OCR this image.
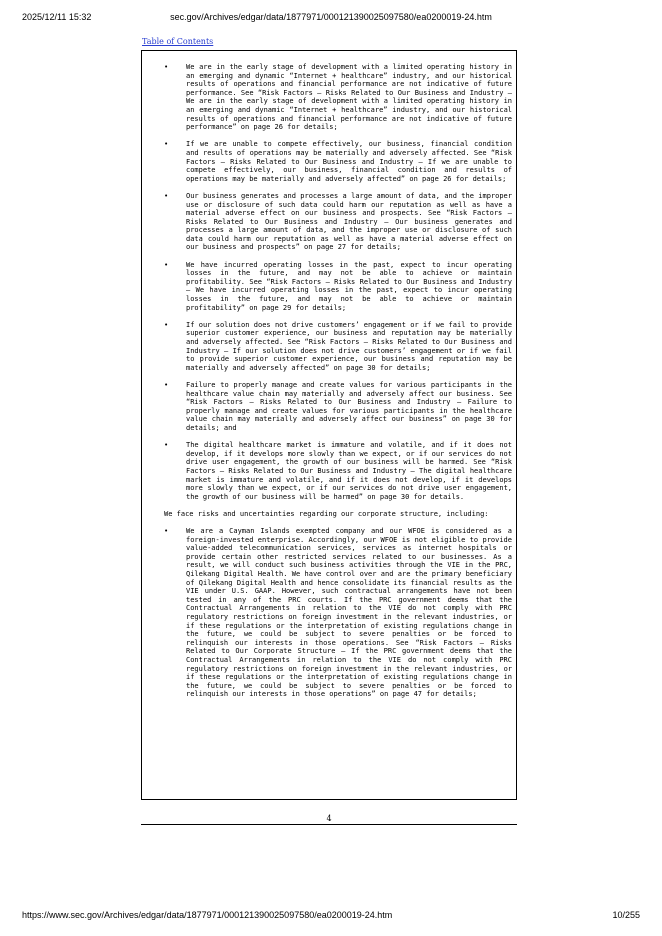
2025/12/11 15:32	sec.gov/Archives/edgar/data/1877971/000121390025097580/ea0200019-24.htm
Table of Contents
•	We are in the early stage of development with a limited operating history in an emerging and dynamic “Internet + healthcare” industry, and our historical results of operations and financial performance are not indicative of future performance. See “Risk Factors — Risks Related to Our Business and Industry — We are in the early stage of development with a limited operating history in an emerging and dynamic “Internet + healthcare” industry, and our historical results of operations and financial performance are not indicative of future performance” on page 26 for details;
•	If we are unable to compete effectively, our business, financial condition and results of operations may be materially and adversely affected. See “Risk Factors — Risks Related to Our Business and Industry — If we are unable to compete effectively, our business, financial condition and results of operations may be materially and adversely affected” on page 26 for details;
•	Our business generates and processes a large amount of data, and the improper use or disclosure of such data could harm our reputation as well as have a material adverse effect on our business and prospects. See “Risk Factors — Risks Related to Our Business and Industry — Our business generates and processes a large amount of data, and the improper use or disclosure of such data could harm our reputation as well as have a material adverse effect on our business and prospects” on page 27 for details;
•	We have incurred operating losses in the past, expect to incur operating losses in the future, and may not be able to achieve or maintain profitability. See “Risk Factors — Risks Related to Our Business and Industry — We have incurred operating losses in the past, expect to incur operating losses in the future, and may not be able to achieve or maintain profitability” on page 29 for details;
•	If our solution does not drive customers’ engagement or if we fail to provide superior customer experience, our business and reputation may be materially and adversely affected. See “Risk Factors — Risks Related to Our Business and Industry — If our solution does not drive customers’ engagement or if we fail to provide superior customer experience, our business and reputation may be materially and adversely affected” on page 30 for details;
•	Failure to properly manage and create values for various participants in the healthcare value chain may materially and adversely affect our business. See “Risk Factors — Risks Related to Our Business and Industry — Failure to properly manage and create values for various participants in the healthcare value chain may materially and adversely affect our business” on page 30 for details; and
•	The digital healthcare market is immature and volatile, and if it does not develop, if it develops more slowly than we expect, or if our services do not drive user engagement, the growth of our business will be harmed. See “Risk Factors — Risks Related to Our Business and Industry — The digital healthcare market is immature and volatile, and if it does not develop, if it develops more slowly than we expect, or if our services do not drive user engagement, the growth of our business will be harmed” on page 30 for details.

We face risks and uncertainties regarding our corporate structure, including:

•	We are a Cayman Islands exempted company and our WFOE is considered as a foreign-invested enterprise. Accordingly, our WFOE is not eligible to provide value-added telecommunication services, services as internet hospitals or provide certain other restricted services related to our businesses. As a result, we will conduct such business activities through the VIE in the PRC, Qilekang Digital Health. We have control over and are the primary beneficiary of Qilekang Digital Health and hence consolidate its financial results as the VIE under U.S. GAAP. However, such contractual arrangements have not been tested in any of the PRC courts. If the PRC government deems that the Contractual Arrangements in relation to the VIE do not comply with PRC regulatory restrictions on foreign investment in the relevant industries, or if these regulations or the interpretation of existing regulations change in the future, we could be subject to severe penalties or be forced to relinquish our interests in those operations. See “Risk Factors — Risks Related to Our Corporate Structure — If the PRC government deems that the Contractual Arrangements in relation to the VIE do not comply with PRC regulatory restrictions on foreign investment in the relevant industries, or if these regulations or the interpretation of existing regulations change in the future, we could be subject to severe penalties or be forced to relinquish our interests in those operations” on page 47 for details;
4
https://www.sec.gov/Archives/edgar/data/1877971/000121390025097580/ea0200019-24.htm	10/255
